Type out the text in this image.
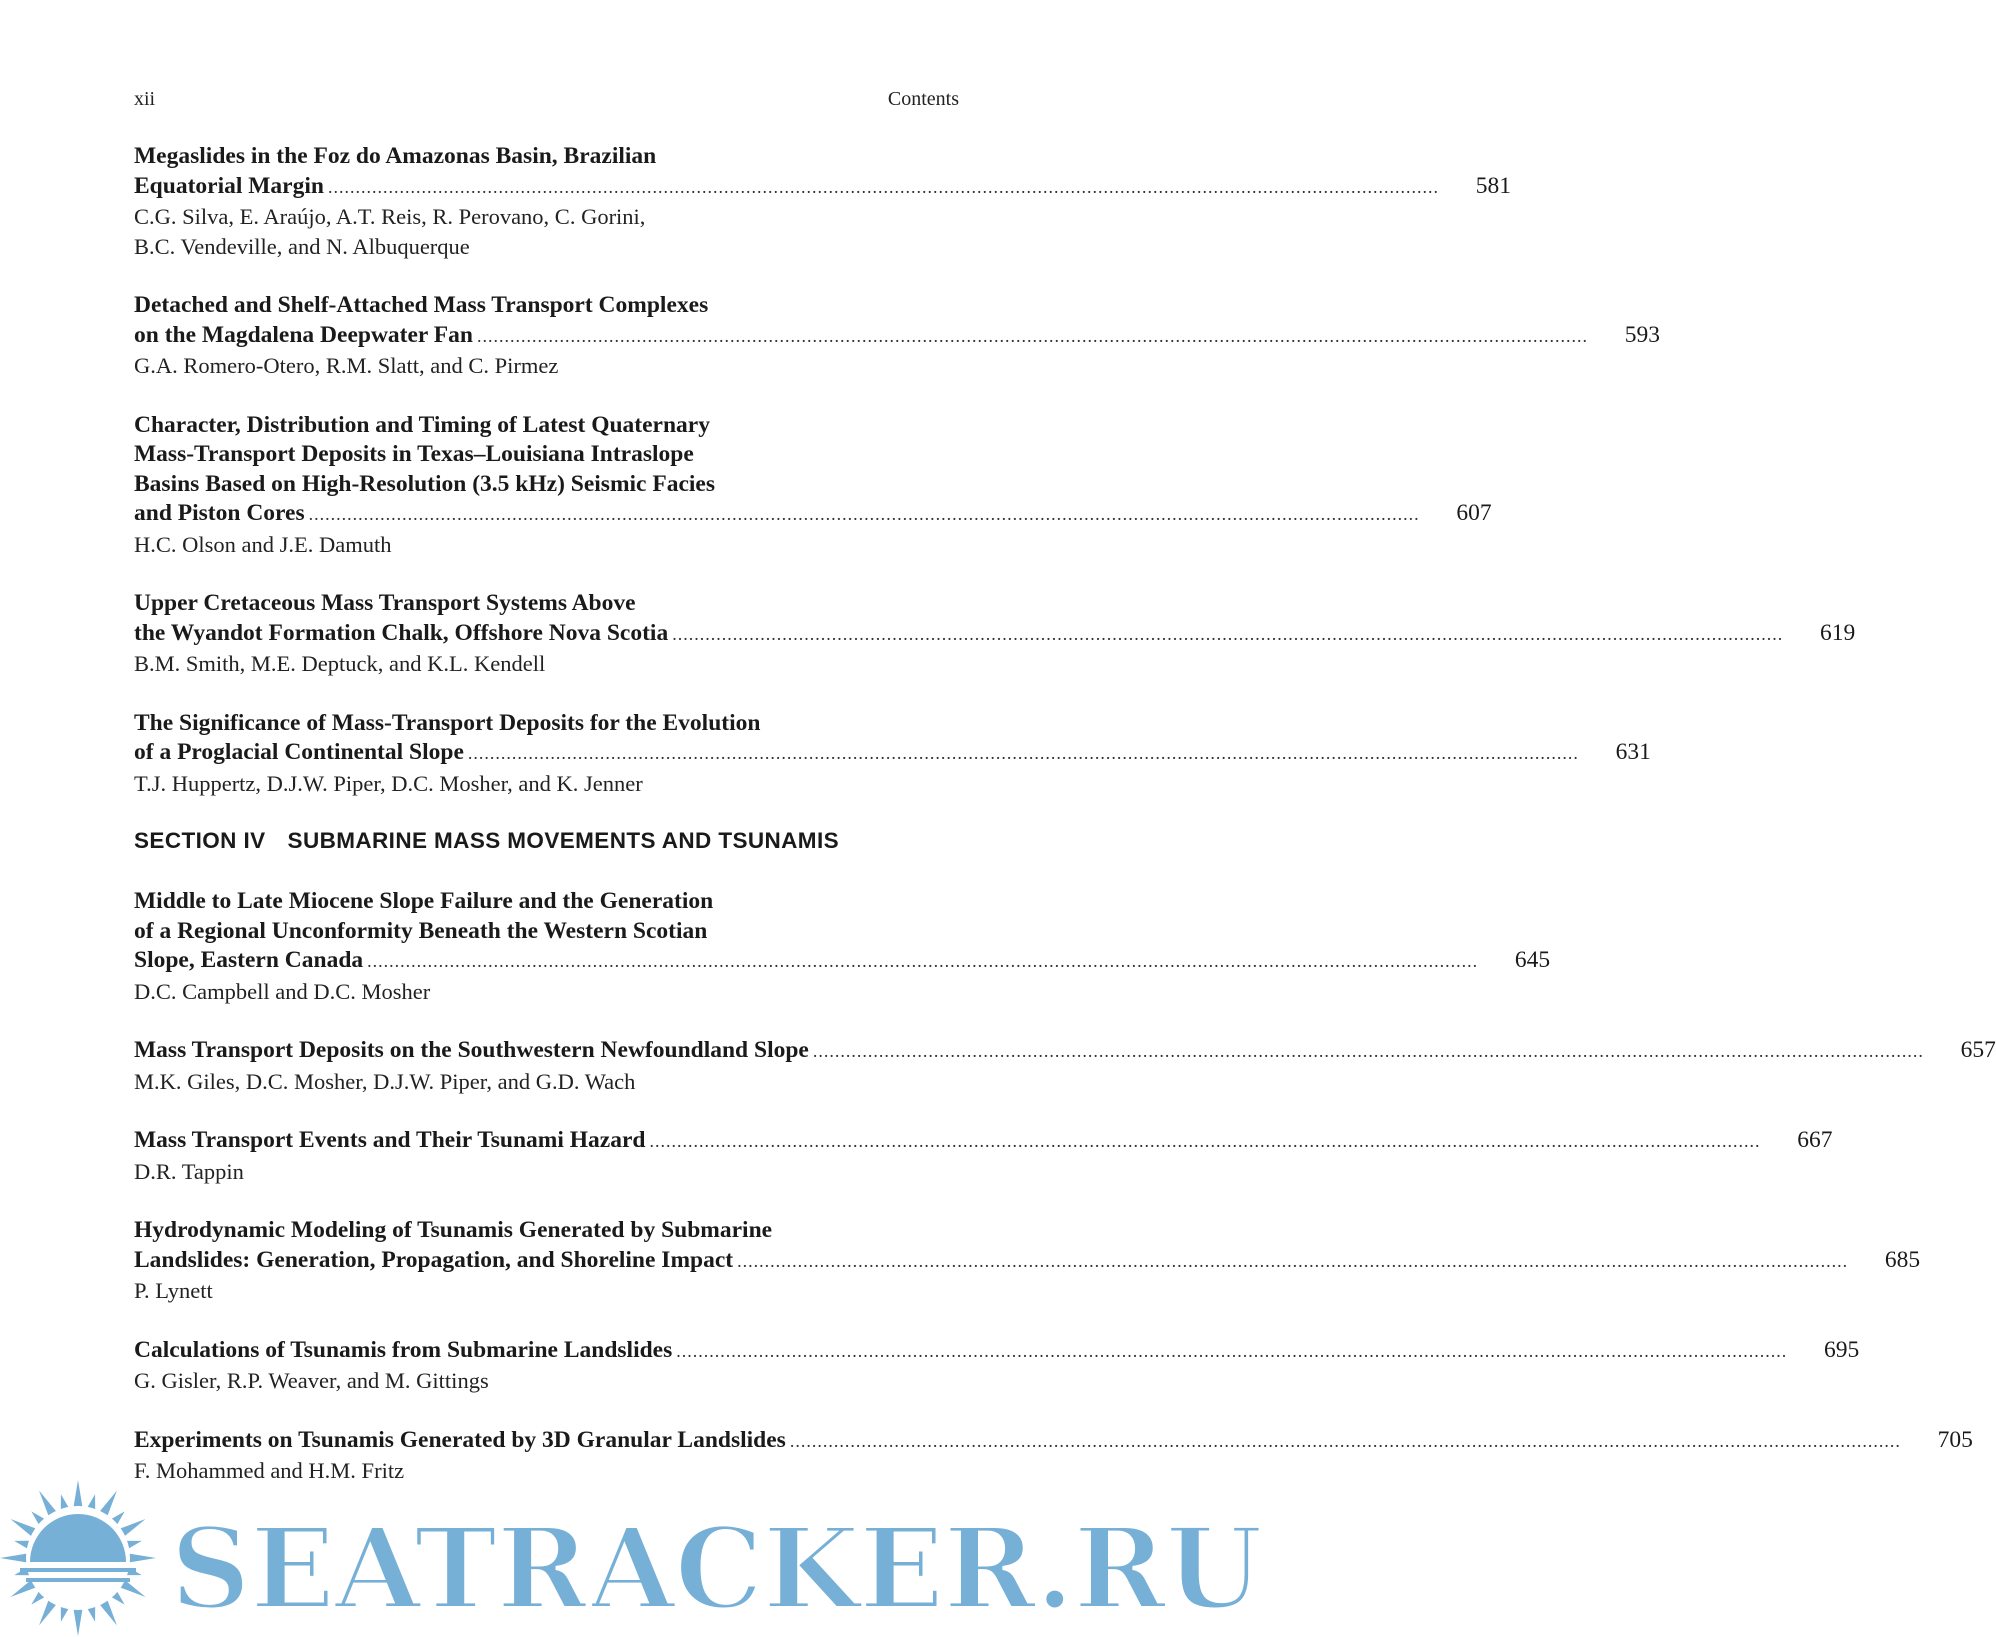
xii	Contents
Megaslides in the Foz do Amazonas Basin, Brazilian
Equatorial Margin .....	581
C.G. Silva, E. Araújo, A.T. Reis, R. Perovano, C. Gorini,
B.C. Vendeville, and N. Albuquerque
Detached and Shelf-Attached Mass Transport Complexes
on the Magdalena Deepwater Fan .....	593
G.A. Romero-Otero, R.M. Slatt, and C. Pirmez
Character, Distribution and Timing of Latest Quaternary
Mass-Transport Deposits in Texas–Louisiana Intraslope
Basins Based on High-Resolution (3.5 kHz) Seismic Facies
and Piston Cores .....	607
H.C. Olson and J.E. Damuth
Upper Cretaceous Mass Transport Systems Above
the Wyandot Formation Chalk, Offshore Nova Scotia .....	619
B.M. Smith, M.E. Deptuck, and K.L. Kendell
The Significance of Mass-Transport Deposits for the Evolution
of a Proglacial Continental Slope .....	631
T.J. Huppertz, D.J.W. Piper, D.C. Mosher, and K. Jenner
SECTION IV SUBMARINE MASS MOVEMENTS AND TSUNAMIS
Middle to Late Miocene Slope Failure and the Generation
of a Regional Unconformity Beneath the Western Scotian
Slope, Eastern Canada .....	645
D.C. Campbell and D.C. Mosher
Mass Transport Deposits on the Southwestern Newfoundland Slope .....	657
M.K. Giles, D.C. Mosher, D.J.W. Piper, and G.D. Wach
Mass Transport Events and Their Tsunami Hazard .....	667
D.R. Tappin
Hydrodynamic Modeling of Tsunamis Generated by Submarine
Landslides: Generation, Propagation, and Shoreline Impact .....	685
P. Lynett
Calculations of Tsunamis from Submarine Landslides .....	695
G. Gisler, R.P. Weaver, and M. Gittings
Experiments on Tsunamis Generated by 3D Granular Landslides .....	705
F. Mohammed and H.M. Fritz
SEATRACKER.RU
